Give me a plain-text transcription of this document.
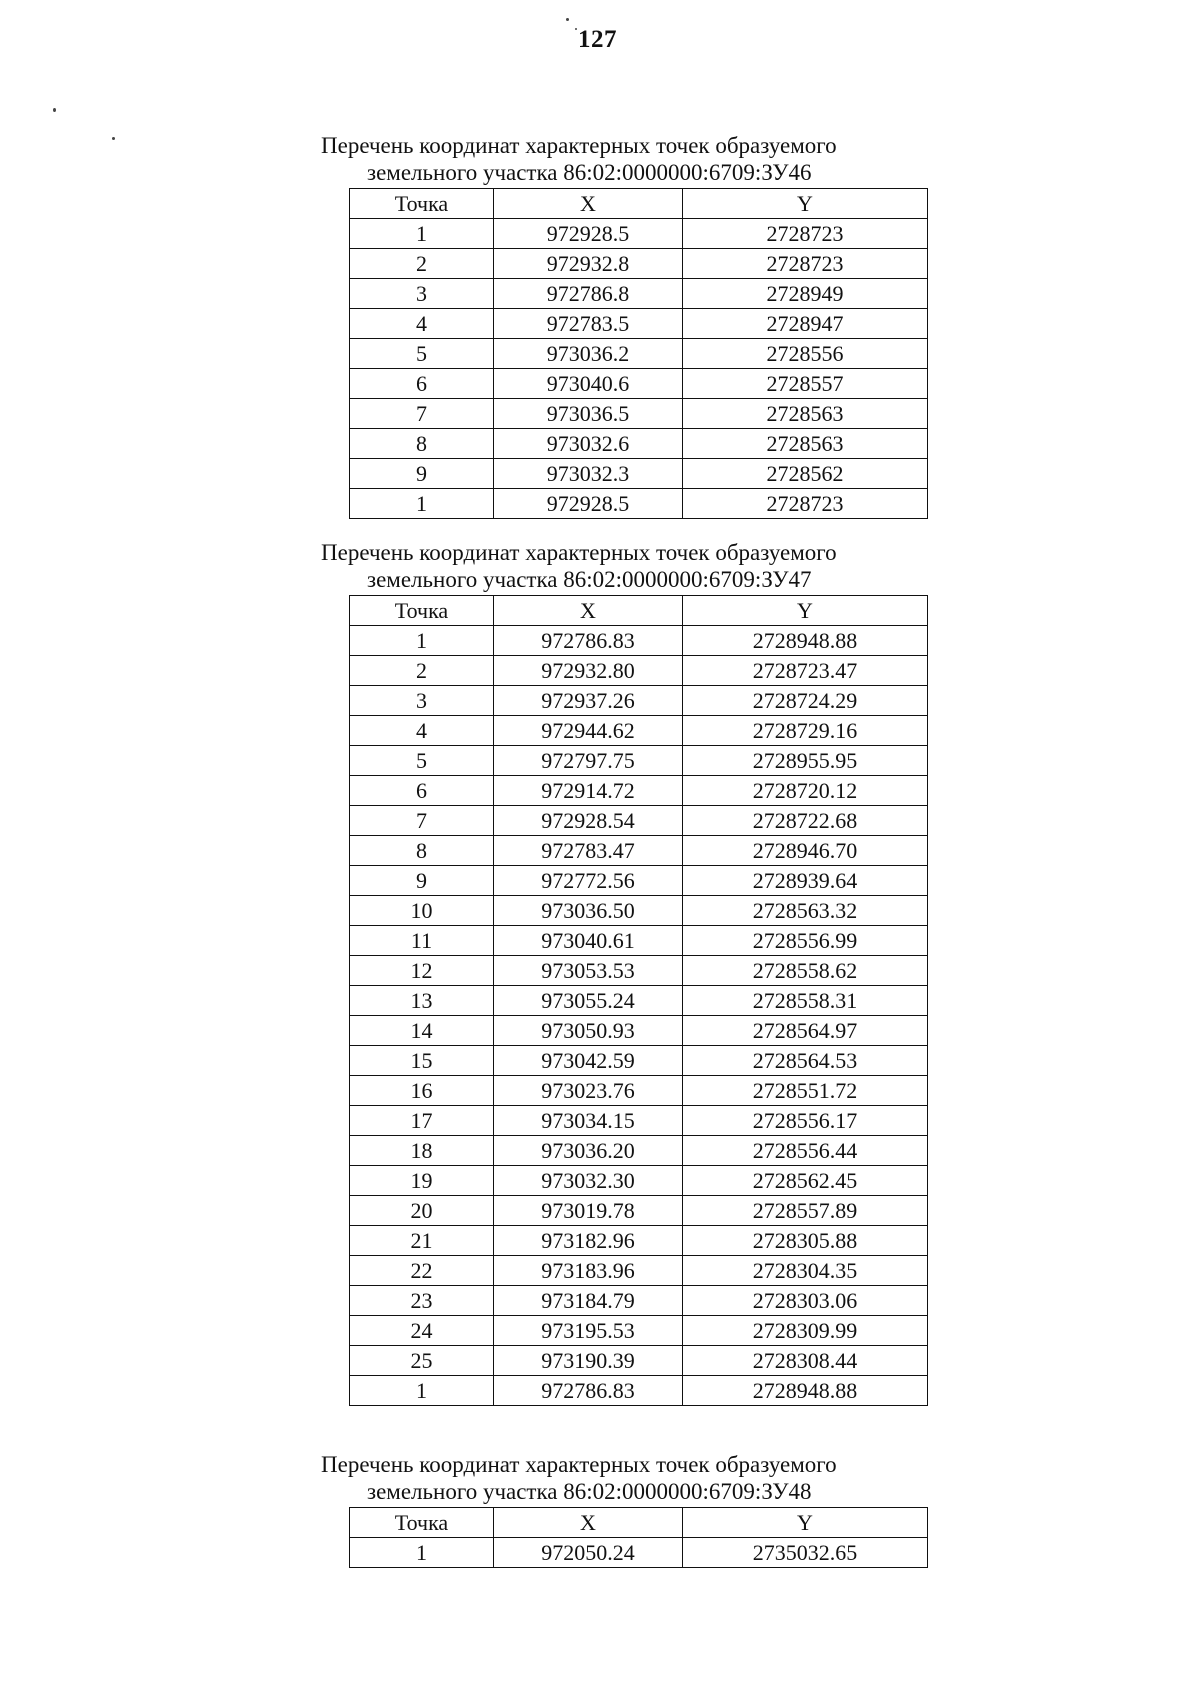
127
Перечень координат характерных точек образуемого
земельного участка 86:02:0000000:6709:ЗУ46
Точка	X	Y
1	972928.5	2728723
2	972932.8	2728723
3	972786.8	2728949
4	972783.5	2728947
5	973036.2	2728556
6	973040.6	2728557
7	973036.5	2728563
8	973032.6	2728563
9	973032.3	2728562
1	972928.5	2728723
Перечень координат характерных точек образуемого
земельного участка 86:02:0000000:6709:ЗУ47
Точка	X	Y
1	972786.83	2728948.88
2	972932.80	2728723.47
3	972937.26	2728724.29
4	972944.62	2728729.16
5	972797.75	2728955.95
6	972914.72	2728720.12
7	972928.54	2728722.68
8	972783.47	2728946.70
9	972772.56	2728939.64
10	973036.50	2728563.32
11	973040.61	2728556.99
12	973053.53	2728558.62
13	973055.24	2728558.31
14	973050.93	2728564.97
15	973042.59	2728564.53
16	973023.76	2728551.72
17	973034.15	2728556.17
18	973036.20	2728556.44
19	973032.30	2728562.45
20	973019.78	2728557.89
21	973182.96	2728305.88
22	973183.96	2728304.35
23	973184.79	2728303.06
24	973195.53	2728309.99
25	973190.39	2728308.44
1	972786.83	2728948.88
Перечень координат характерных точек образуемого
земельного участка 86:02:0000000:6709:ЗУ48
Точка	X	Y
1	972050.24	2735032.65
